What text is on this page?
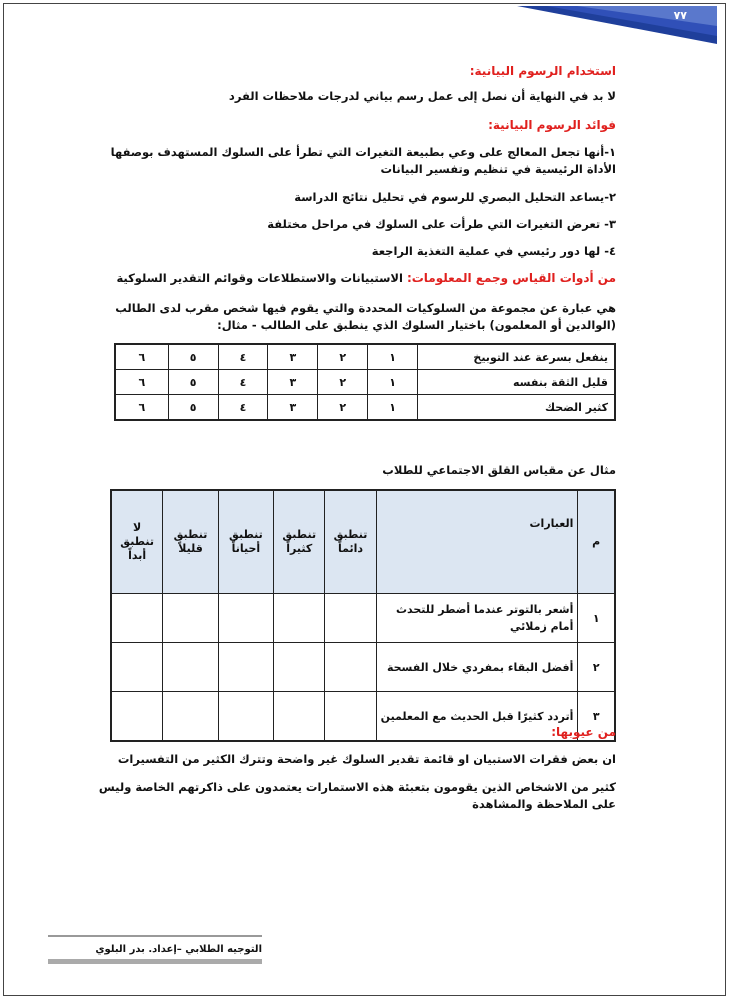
٧٧
استخدام الرسوم البيانية:
لا بد في النهاية أن نصل إلى عمل رسم بياني لدرجات ملاحظات الفرد
فوائد الرسوم البيانية:
١-أنها تجعل المعالج على وعي بطبيعة التغيرات التي تطرأ على السلوك المستهدف بوصفها الأداة الرئيسية في تنظيم وتفسير البيانات
٢-يساعد التحليل البصري للرسوم في تحليل نتائج الدراسة
٣- تعرض التغيرات التي طرأت على السلوك في مراحل مختلفة
٤- لها دور رئيسي في عملية التغذية الراجعة
من أدوات القياس وجمع المعلومات: الاستبيانات والاستطلاعات وقوائم التقدير السلوكية
هي عبارة عن مجموعة من السلوكيات المحددة والتي يقوم فيها شخص مقرب لدى الطالب (الوالدين أو المعلمون) باختيار السلوك الذي ينطبق على الطالب - مثال:
ينفعل بسرعة عند التوبيخ	١	٢	٣	٤	٥	٦
قليل الثقة بنفسه	١	٢	٣	٤	٥	٦
كثير الضحك	١	٢	٣	٤	٥	٦
مثال عن مقياس القلق الاجتماعي للطلاب
م	العبارات	تنطبق دائماً	تنطبق كثيراً	تنطبق أحياناً	تنطبق قليلاً	لا تنطبق أبداً
١	أشعر بالتوتر عندما أضطر للتحدث أمام زملائي					
٢	أفضل البقاء بمفردي خلال الفسحة					
٣	أتردد كثيرًا قبل الحديث مع المعلمين					
من عيوبها:
ان بعض فقرات الاستبيان او قائمة تقدير السلوك غير واضحة وتترك الكثير من التفسيرات
كثير من الاشخاص الذين يقومون بتعبئة هذه الاستمارات يعتمدون على ذاكرتهم الخاصة وليس على الملاحظة والمشاهدة
التوجيه الطلابي –إعداد. بدر البلوي
